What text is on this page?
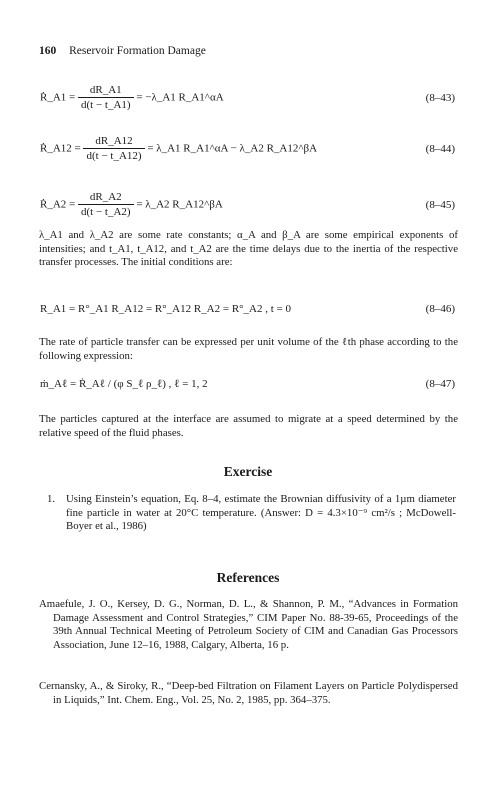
160 Reservoir Formation Damage
Ṙ_A1 = $\frac{dR\_A1}{d(t - t\_A1)}$ = −λ_A1 R_A1^αA	(8–43)
Ṙ_A12 = $\frac{dR\_A12}{d(t - t\_A12)}$ = λ_A1 R_A1^αA − λ_A2 R_A12^βA	(8–44)
Ṙ_A2 = $\frac{dR\_A2}{d(t - t\_A2)}$ = λ_A2 R_A12^βA	(8–45)

λ_A1 and λ_A2 are some rate constants; α_A and β_A are some empirical exponents of intensities; and t_A1, t_A12, and t_A2 are the time delays due to the inertia of the respective transfer processes. The initial conditions are:

R_A1 = R°_A1 R_A12 = R°_A12 R_A2 = R°_A2 , t = 0	(8–46)

The rate of particle transfer can be expressed per unit volume of the ℓth phase according to the following expression:

ṁ_Aℓ = Ṙ_Aℓ / (φ S_ℓ ρ_ℓ) , ℓ = 1, 2	(8–47)

The particles captured at the interface are assumed to migrate at a speed determined by the relative speed of the fluid phases.

Exercise
1. Using Einstein’s equation, Eq. 8–4, estimate the Brownian diffusivity of a 1µm diameter fine particle in water at 20°C temperature. (Answer: D = 4.3×10⁻⁹ cm²/s ; McDowell-Boyer et al., 1986)
References

Amaefule, J. O., Kersey, D. G., Norman, D. L., & Shannon, P. M., “Advances in Formation Damage Assessment and Control Strategies,” CIM Paper No. 88-39-65, Proceedings of the 39th Annual Technical Meeting of Petroleum Society of CIM and Canadian Gas Processors Association, June 12–16, 1988, Calgary, Alberta, 16 p.

Cernansky, A., & Siroky, R., “Deep-bed Filtration on Filament Layers on Particle Polydispersed in Liquids,” Int. Chem. Eng., Vol. 25, No. 2, 1985, pp. 364–375.
